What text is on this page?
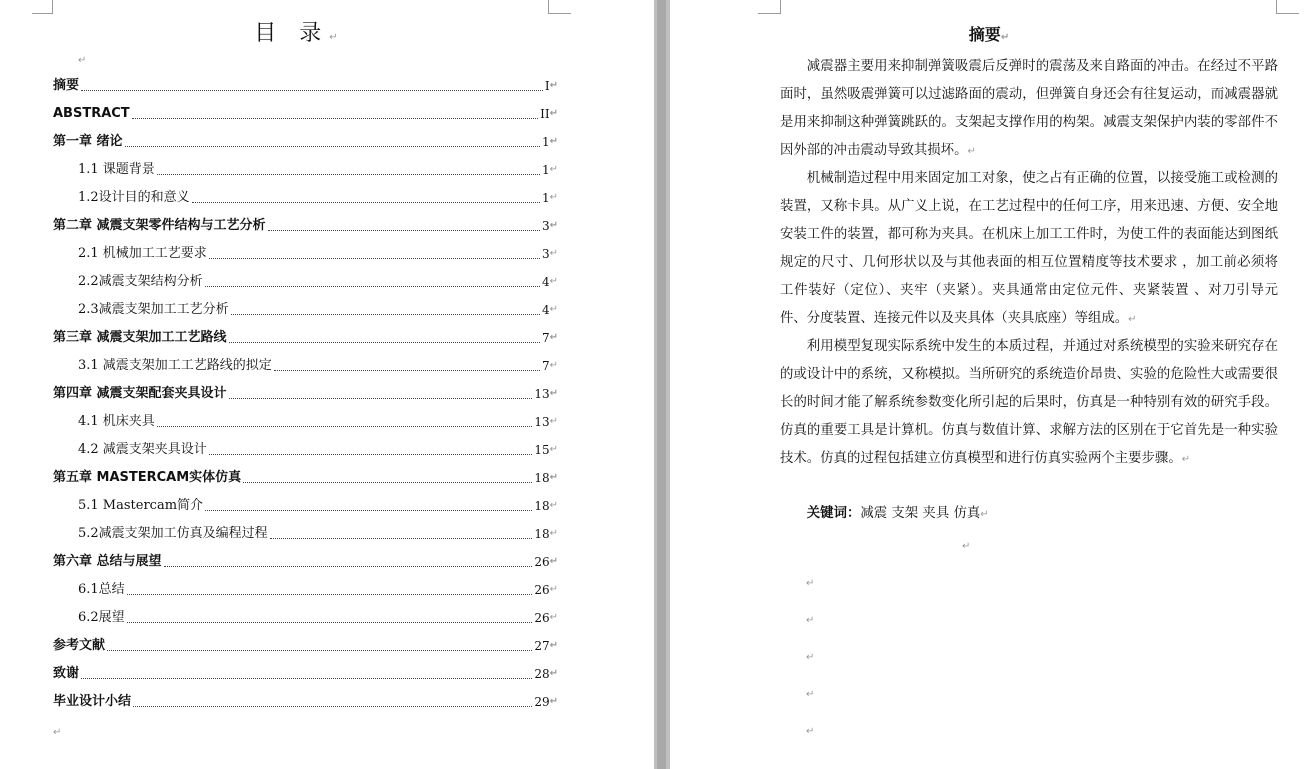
目 录↵
↵
摘要	I ↵
ABSTRACT	II ↵
第一章 绪论	1 ↵
1.1 课题背景	1 ↵
1.2设计目的和意义	1 ↵
第二章 减震支架零件结构与工艺分析	3 ↵
2.1 机械加工工艺要求	3 ↵
2.2减震支架结构分析	4 ↵
2.3减震支架加工工艺分析	4 ↵
第三章 减震支架加工工艺路线	7 ↵
3.1 减震支架加工工艺路线的拟定	7 ↵
第四章 减震支架配套夹具设计	13 ↵
4.1 机床夹具	13 ↵
4.2 减震支架夹具设计	15 ↵
第五章 MASTERCAM实体仿真	18 ↵
5.1 Mastercam简介	18 ↵
5.2减震支架加工仿真及编程过程	18 ↵
第六章 总结与展望	26 ↵
6.1总结	26 ↵
6.2展望	26 ↵
参考文献	27 ↵
致谢	28 ↵
毕业设计小结	29 ↵
↵
摘要↵
减震器主要用来抑制弹簧吸震后反弹时的震荡及来自路面的冲击。在经过不平路面时，虽然吸震弹簧可以过滤路面的震动，但弹簧自身还会有往复运动，而减震器就是用来抑制这种弹簧跳跃的。支架起支撑作用的构架。减震支架保护内装的零部件不因外部的冲击震动导致其损坏。↵
机械制造过程中用来固定加工对象，使之占有正确的位置，以接受施工或检测的装置，又称卡具。从广义上说，在工艺过程中的任何工序，用来迅速、方便、安全地安装工件的装置，都可称为夹具。在机床上加工工件时，为使工件的表面能达到图纸规定的尺寸、几何形状以及与其他表面的相互位置精度等技术要求 ，加工前必须将工件装好（定位）、夹牢（夹紧）。夹具通常由定位元件、夹紧装置 、对刀引导元件、分度装置、连接元件以及夹具体（夹具底座）等组成。↵
利用模型复现实际系统中发生的本质过程，并通过对系统模型的实验来研究存在的或设计中的系统，又称模拟。当所研究的系统造价昂贵、实验的危险性大或需要很长的时间才能了解系统参数变化所引起的后果时，仿真是一种特别有效的研究手段。仿真的重要工具是计算机。仿真与数值计算、求解方法的区别在于它首先是一种实验技术。仿真的过程包括建立仿真模型和进行仿真实验两个主要步骤。↵
关键词：减震 支架 夹具 仿真↵
↵
↵
↵
↵
↵
↵
